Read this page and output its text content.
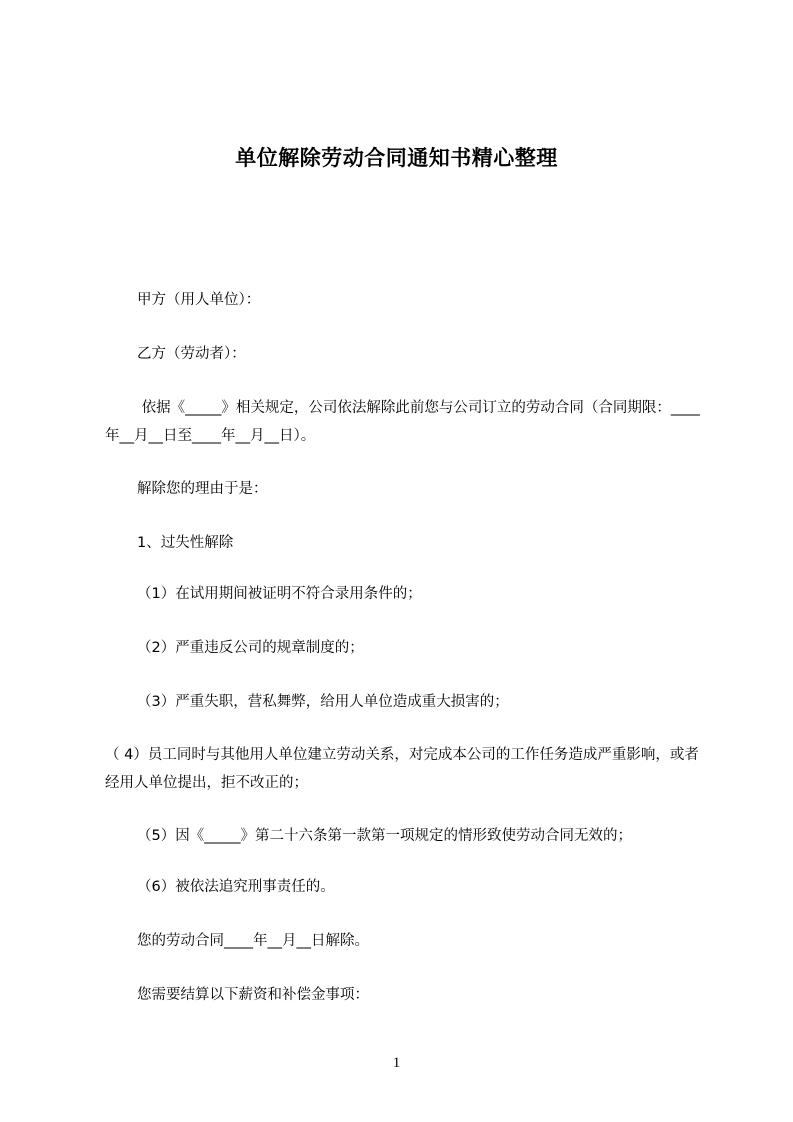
单位解除劳动合同通知书精心整理
甲方（用人单位）：
乙方（劳动者）：
依据《_____》相关规定，公司依法解除此前您与公司订立的劳动合同（合同期限：____年__月__日至____年__月__日）。
解除您的理由于是：
1、过失性解除
（1）在试用期间被证明不符合录用条件的；
（2）严重违反公司的规章制度的；
（3）严重失职，营私舞弊，给用人单位造成重大损害的；
（ 4）员工同时与其他用人单位建立劳动关系，对完成本公司的工作任务造成严重影响，或者经用人单位提出，拒不改正的；
（5）因《_____》第二十六条第一款第一项规定的情形致使劳动合同无效的；
（6）被依法追究刑事责任的。
您的劳动合同____年__月__日解除。
您需要结算以下薪资和补偿金事项：
1
